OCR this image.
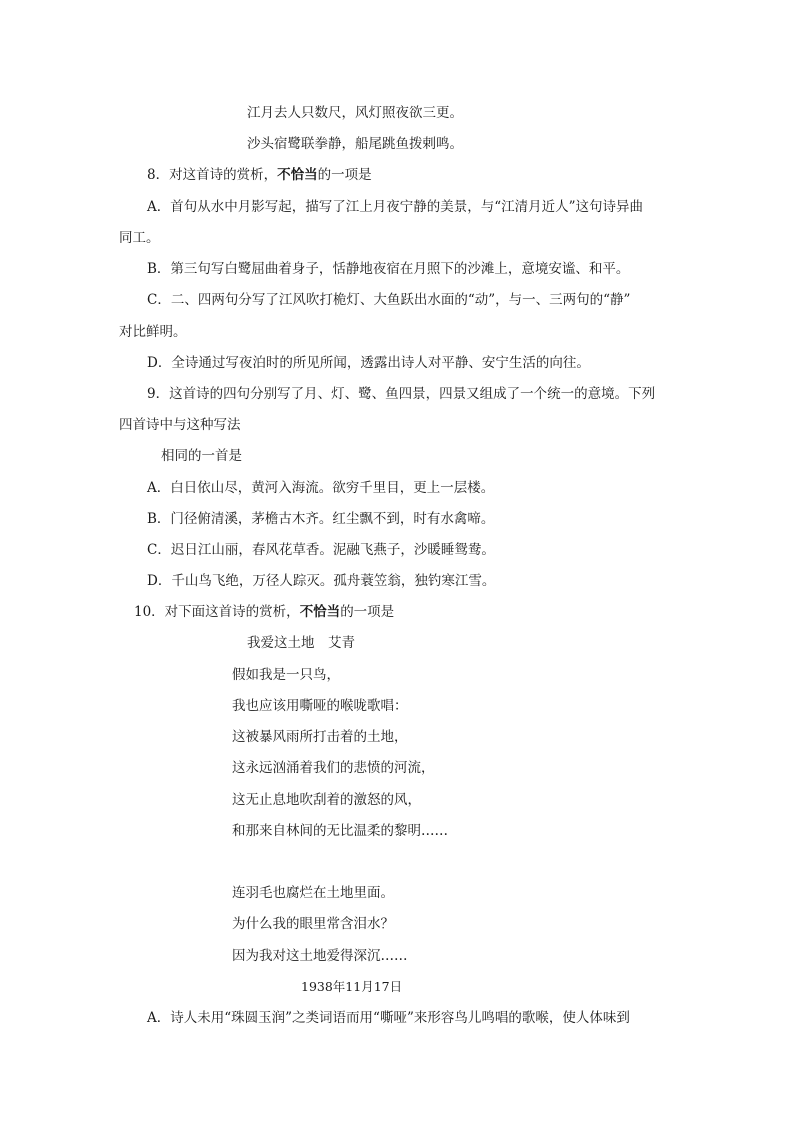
江月去人只数尺，风灯照夜欲三更。
沙头宿鹭联拳静，船尾跳鱼拨剌鸣。
8．对这首诗的赏析，不恰当的一项是
A．首句从水中月影写起，描写了江上月夜宁静的美景，与“江清月近人”这句诗异曲
同工。
B．第三句写白鹭屈曲着身子，恬静地夜宿在月照下的沙滩上，意境安谧、和平。
C．二、四两句分写了江风吹打桅灯、大鱼跃出水面的“动”，与一、三两句的“静”
对比鲜明。
D．全诗通过写夜泊时的所见所闻，透露出诗人对平静、安宁生活的向往。
9．这首诗的四句分别写了月、灯、鹭、鱼四景，四景又组成了一个统一的意境。下列
四首诗中与这种写法
相同的一首是
A．白日依山尽，黄河入海流。欲穷千里目，更上一层楼。
B．门径俯清溪，茅檐古木齐。红尘飘不到，时有水禽啼。
C．迟日江山丽，春风花草香。泥融飞燕子，沙暖睡鸳鸯。
D．千山鸟飞绝，万径人踪灭。孤舟蓑笠翁，独钓寒江雪。
10．对下面这首诗的赏析，不恰当的一项是
我爱这土地　艾青
假如我是一只鸟，
我也应该用嘶哑的喉咙歌唱：
这被暴风雨所打击着的土地，
这永远汹涌着我们的悲愤的河流，
这无止息地吹刮着的激怒的风，
和那来自林间的无比温柔的黎明……
连羽毛也腐烂在土地里面。
为什么我的眼里常含泪水？
因为我对这土地爱得深沉……
1938年11月17日
A．诗人未用“珠圆玉润”之类词语而用“嘶哑”来形容鸟儿鸣唱的歌喉，使人体味到
